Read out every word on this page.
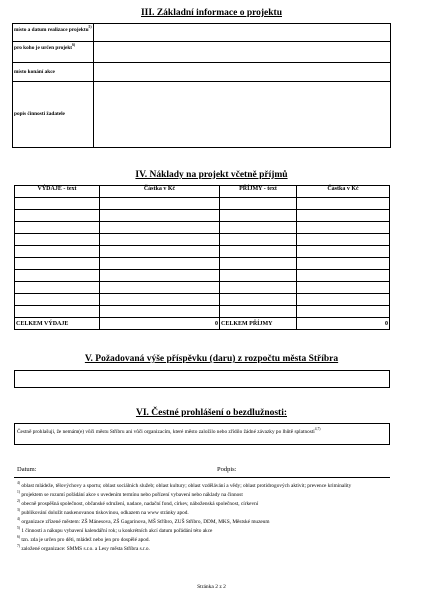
III. Základní informace o projektu
místo a datum realizace projektu$^{5)}$	
pro koho je určen projekt$^{6)}$	
místo konání akce	
popis činnosti žadatele	
IV. Náklady na projekt včetně příjmů
VÝDAJE - text	Částka v Kč	PŘÍJMY - text	Částka v Kč

CELKEM VÝDAJE	0	CELKEM PŘÍJMY	0
V. Požadovaná výše příspěvku (daru) z rozpočtu města Stříbra
VI. Čestné prohlášení o bezdlužnosti:
Čestně prohlašuji, že nemám(e) vůči městu Stříbru ani vůči organizacím, které město založilo nebo zřídilo žádné závazky po lhůtě splatnosti$^{4,7)}$
Datum:	Podpis:
$^{4)}$ oblast mládeže, tělovýchovy a sportu; oblast sociálních služeb; oblast kultury; oblast vzdělávání a vědy; oblast protidrogových aktivit; prevence kriminality
$^{1)}$ projektem se rozumí pořádání akce s uvedením termínu nebo pořízení vybavení nebo náklady na činnost
$^{2)}$ obecně prospěšná společnost, občanské sdružení, nadace, nadační fond, církev, náboženská společnost, církevní
$^{3)}$ publikování doložit naskenovanou tiskovinou, odkazem na www stránky apod.
$^{4)}$ organizace zřízené městem: ZŠ Mánesova, ZŠ Gagarinova, MŠ Stříbro, ZUŠ Stříbro, DDM, MKS, Městské muzeum
$^{5)}$ 1 činnosti a nákupu vybavení kalendářní rok; u konkrétních akcí datum pořádání této akce
$^{6)}$ tzn. zda je určen pro děti, mládež nebo jen pro dospělé apod.
$^{7)}$ založené organizace: SMMS s.r.o. a Lesy města Stříbra s.r.o.
Stránka 2 z 2
